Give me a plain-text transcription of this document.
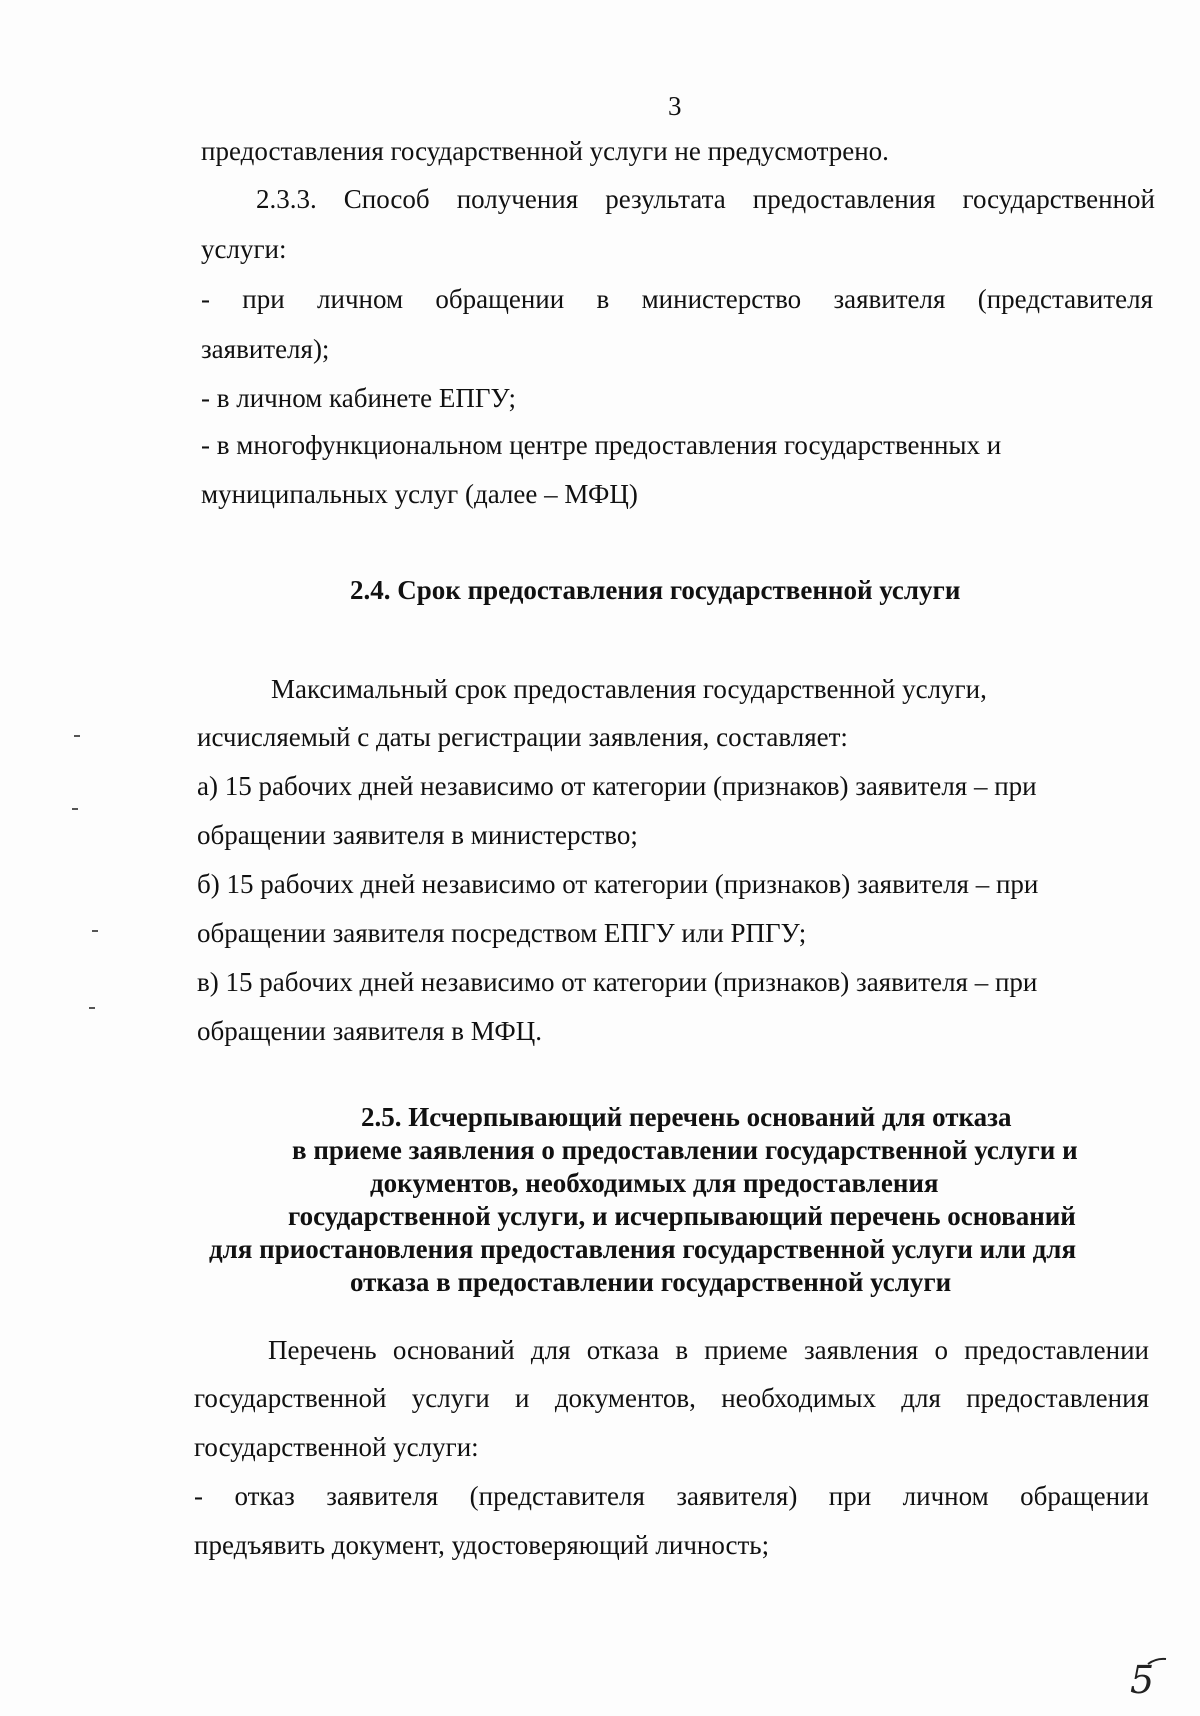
3
предоставления государственной услуги не предусмотрено.
2.3.3. Способ получения результата предоставления государственной
услуги:
- при личном обращении в министерство заявителя (представителя
заявителя);
- в личном кабинете ЕПГУ;
- в многофункциональном центре предоставления государственных и
муниципальных услуг (далее – МФЦ)
2.4. Срок предоставления государственной услуги
Максимальный срок предоставления государственной услуги,
исчисляемый с даты регистрации заявления, составляет:
а) 15 рабочих дней независимо от категории (признаков) заявителя – при
обращении заявителя в министерство;
б) 15 рабочих дней независимо от категории (признаков) заявителя – при
обращении заявителя посредством ЕПГУ или РПГУ;
в) 15 рабочих дней независимо от категории (признаков) заявителя – при
обращении заявителя в МФЦ.
2.5. Исчерпывающий перечень оснований для отказа
в приеме заявления о предоставлении государственной услуги и
документов, необходимых для предоставления
государственной услуги, и исчерпывающий перечень оснований
для приостановления предоставления государственной услуги или для
отказа в предоставлении государственной услуги
Перечень оснований для отказа в приеме заявления о предоставлении
государственной услуги и документов, необходимых для предоставления
государственной услуги:
- отказ заявителя (представителя заявителя) при личном обращении
предъявить документ, удостоверяющий личность;
5
